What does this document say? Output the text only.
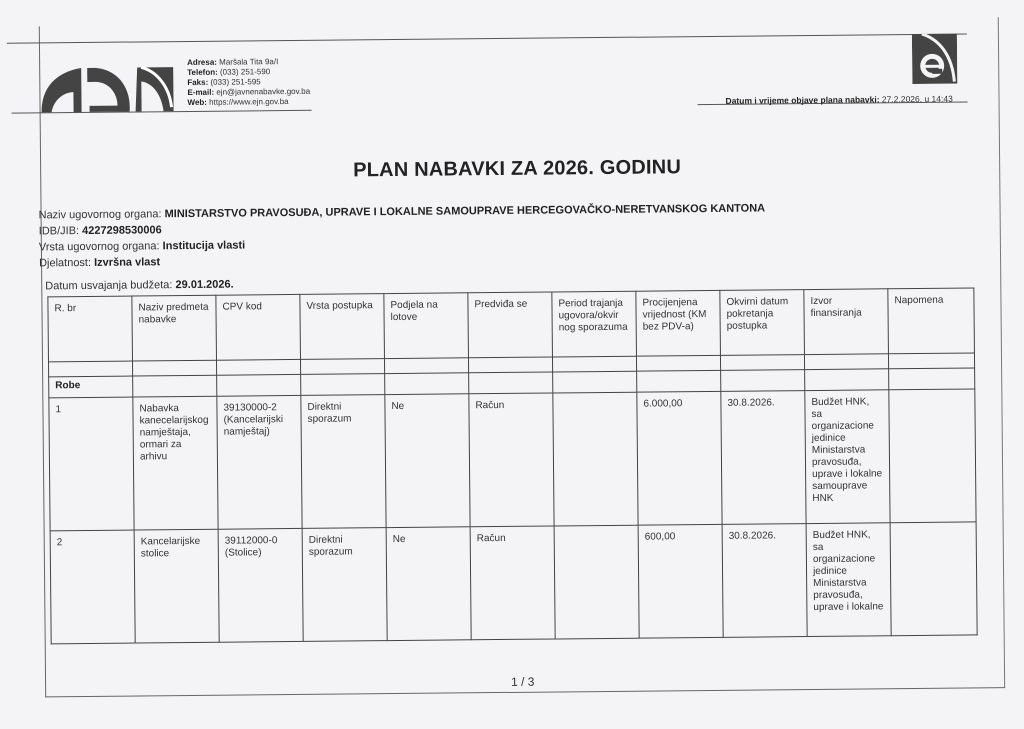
Adresa: Maršala Tita 9a/I
Telefon: (033) 251-590
Faks: (033) 251-595
E-mail: ejn@javnenabavke.gov.ba
Web: https://www.ejn.gov.ba	Datum i vrijeme objave plana nabavki: 27.2.2026. u 14:43
PLAN NABAVKI ZA 2026. GODINU
Naziv ugovornog organa: MINISTARSTVO PRAVOSUĐA, UPRAVE I LOKALNE SAMOUPRAVE HERCEGOVAČKO-NERETVANSKOG KANTONA
IDB/JIB: 4227298530006
Vrsta ugovornog organa: Institucija vlasti
Djelatnost: Izvršna vlast
Datum usvajanja budžeta: 29.01.2026.
R. br	Naziv predmeta nabavke	CPV kod	Vrsta postupka	Podjela na lotove	Predviđa se	Period trajanja ugovora/okvir nog sporazuma	Procijenjena vrijednost (KM bez PDV-a)	Okvirni datum pokretanja postupka	Izvor finansiranja	Napomena

Robe										
1	Nabavka kanecelarijskog namještaja, ormari za arhivu	39130000-2 (Kancelarijski namještaj)	Direktni sporazum	Ne	Račun		6.000,00	30.8.2026.	Budžet HNK, sa organizacione jedinice Ministarstva pravosuđa, uprave i lokalne samouprave HNK	
2	Kancelarijske stolice	39112000-0 (Stolice)	Direktni sporazum	Ne	Račun		600,00	30.8.2026.	Budžet HNK, sa organizacione jedinice Ministarstva pravosuđa, uprave i lokalne	
1 / 3
